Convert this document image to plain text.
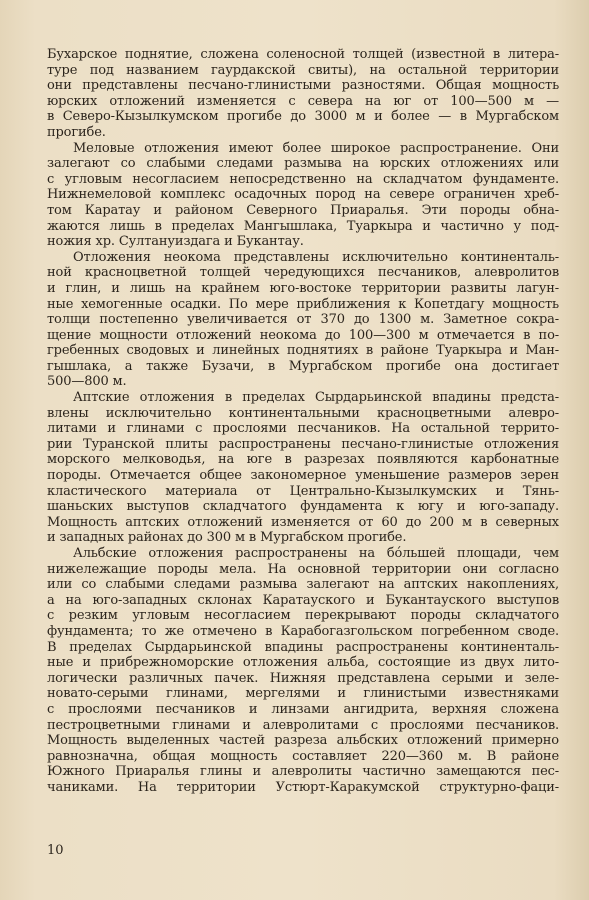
Бухарское поднятие, сложена соленосной толщей (известной в литера-
туре под названием гаурдакской свиты), на остальной территории
они представлены песчано-глинистыми разностями. Общая мощность
юрских отложений изменяется с севера на юг от 100—500 м —
в Северо-Кызылкумском прогибе до 3000 м и более — в Мургабском
прогибе.
Меловые отложения имеют более широкое распространение. Они
залегают со слабыми следами размыва на юрских отложениях или
с угловым несогласием непосредственно на складчатом фундаменте.
Нижнемеловой комплекс осадочных пород на севере ограничен хреб-
том Каратау и районом Северного Приаралья. Эти породы обна-
жаются лишь в пределах Мангышлака, Туаркыра и частично у под-
ножия хр. Султануиздага и Букантау.
Отложения неокома представлены исключительно континенталь-
ной красноцветной толщей чередующихся песчаников, алевролитов
и глин, и лишь на крайнем юго-востоке территории развиты лагун-
ные хемогенные осадки. По мере приближения к Копетдагу мощность
толщи постепенно увеличивается от 370 до 1300 м. Заметное сокра-
щение мощности отложений неокома до 100—300 м отмечается в по-
гребенных сводовых и линейных поднятиях в районе Туаркыра и Ман-
гышлака, а также Бузачи, в Мургабском прогибе она достигает
500—800 м.
Аптские отложения в пределах Сырдарьинской впадины предста-
влены исключительно континентальными красноцветными алевро-
литами и глинами с прослоями песчаников. На остальной террито-
рии Туранской плиты распространены песчано-глинистые отложения
морского мелководья, на юге в разрезах появляются карбонатные
породы. Отмечается общее закономерное уменьшение размеров зерен
кластического материала от Центрально-Кызылкумских и Тянь-
шаньских выступов складчатого фундамента к югу и юго-западу.
Мощность аптских отложений изменяется от 60 до 200 м в северных
и западных районах до 300 м в Мургабском прогибе.
Альбские отложения распространены на бóльшей площади, чем
нижележащие породы мела. На основной территории они согласно
или со слабыми следами размыва залегают на аптских накоплениях,
а на юго-западных склонах Каратауского и Букантауского выступов
с резким угловым несогласием перекрывают породы складчатого
фундамента; то же отмечено в Карабогазгольском погребенном своде.
В пределах Сырдарьинской впадины распространены континенталь-
ные и прибрежноморские отложения альба, состоящие из двух лито-
логически различных пачек. Нижняя представлена серыми и зеле-
новато-серыми глинами, мергелями и глинистыми известняками
с прослоями песчаников и линзами ангидрита, верхняя сложена
пестроцветными глинами и алевролитами с прослоями песчаников.
Мощность выделенных частей разреза альбских отложений примерно
равнозначна, общая мощность составляет 220—360 м. В районе
Южного Приаралья глины и алевролиты частично замещаются пес-
чаниками. На территории Устюрт-Каракумской структурно-фаци-
10
